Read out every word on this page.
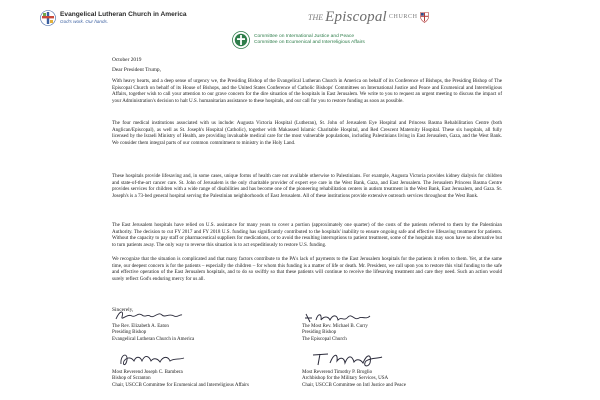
Evangelical Lutheran Church in America
God's work. Our hands.	THE Episcopal CHURCH
Committee on International Justice and Peace
Committee on Ecumenical and Interreligious Affairs
October 2019
Dear President Trump,

With heavy hearts, and a deep sense of urgency we, the Presiding Bishop of the Evangelical Lutheran Church in America on behalf of its Conference of Bishops, the Presiding Bishop of The Episcopal Church on behalf of its House of Bishops, and the United States Conference of Catholic Bishops' Committees on International Justice and Peace and Ecumenical and Interreligious Affairs, together wish to call your attention to our grave concern for the dire situation of the hospitals in East Jerusalem. We write to you to request an urgent meeting to discuss the impact of your Administration's decision to halt U.S. humanitarian assistance to these hospitals, and our call for you to restore funding as soon as possible.

The four medical institutions associated with us include: Augusta Victoria Hospital (Lutheran), St. John of Jerusalem Eye Hospital and Princess Basma Rehabilitation Centre (both Anglican/Episcopal), as well as St. Joseph's Hospital (Catholic), together with Makassed Islamic Charitable Hospital, and Red Crescent Maternity Hospital. These six hospitals, all fully licensed by the Israeli Ministry of Health, are providing invaluable medical care for the most vulnerable populations, including Palestinians living in East Jerusalem, Gaza, and the West Bank. We consider them integral parts of our common commitment to ministry in the Holy Land.

These hospitals provide lifesaving and, in some cases, unique forms of health care not available otherwise to Palestinians. For example, Augusta Victoria provides kidney dialysis for children and state-of-the-art cancer care. St. John of Jerusalem is the only charitable provider of expert eye care in the West Bank, Gaza, and East Jerusalem. The Jerusalem Princess Basma Centre provides services for children with a wide range of disabilities and has become one of the pioneering rehabilitation centers in autism treatment in the West Bank, East Jerusalem, and Gaza. St. Joseph's is a 73-bed general hospital serving the Palestinian neighborhoods of East Jerusalem. All of these institutions provide extensive outreach services throughout the West Bank.

The East Jerusalem hospitals have relied on U.S. assistance for many years to cover a portion (approximately one quarter) of the costs of the patients referred to them by the Palestinian Authority. The decision to cut FY 2017 and FY 2018 U.S. funding has significantly contributed to the hospitals' inability to ensure ongoing safe and effective lifesaving treatment for patients. Without the capacity to pay staff or pharmaceutical suppliers for medications, or to avoid the resulting interruptions to patient treatment, some of the hospitals may soon have no alternative but to turn patients away. The only way to reverse this situation is to act expeditiously to restore U.S. funding.

We recognize that the situation is complicated and that many factors contribute to the PA's lack of payments to the East Jerusalem hospitals for the patients it refers to them. Yet, at the same time, our deepest concern is for the patients – especially the children – for whom this funding is a matter of life or death. Mr. President, we call upon you to restore this vital funding to the safe and effective operation of the East Jerusalem hospitals, and to do so swiftly so that these patients will continue to receive the lifesaving treatment and care they need. Such an action would surely reflect God's enduring mercy for us all.

Sincerely,
The Rev. Elizabeth A. Eaton
Presiding Bishop
Evangelical Lutheran Church in America
The Most Rev. Michael B. Curry
Presiding Bishop
The Episcopal Church
Most Reverend Joseph C. Bambera
Bishop of Scranton
Chair, USCCB Committee for Ecumenical and Interreligious Affairs
Most Reverend Timothy P. Broglio
Archbishop for the Military Services, USA
Chair, USCCB Committee on Intl Justice and Peace
